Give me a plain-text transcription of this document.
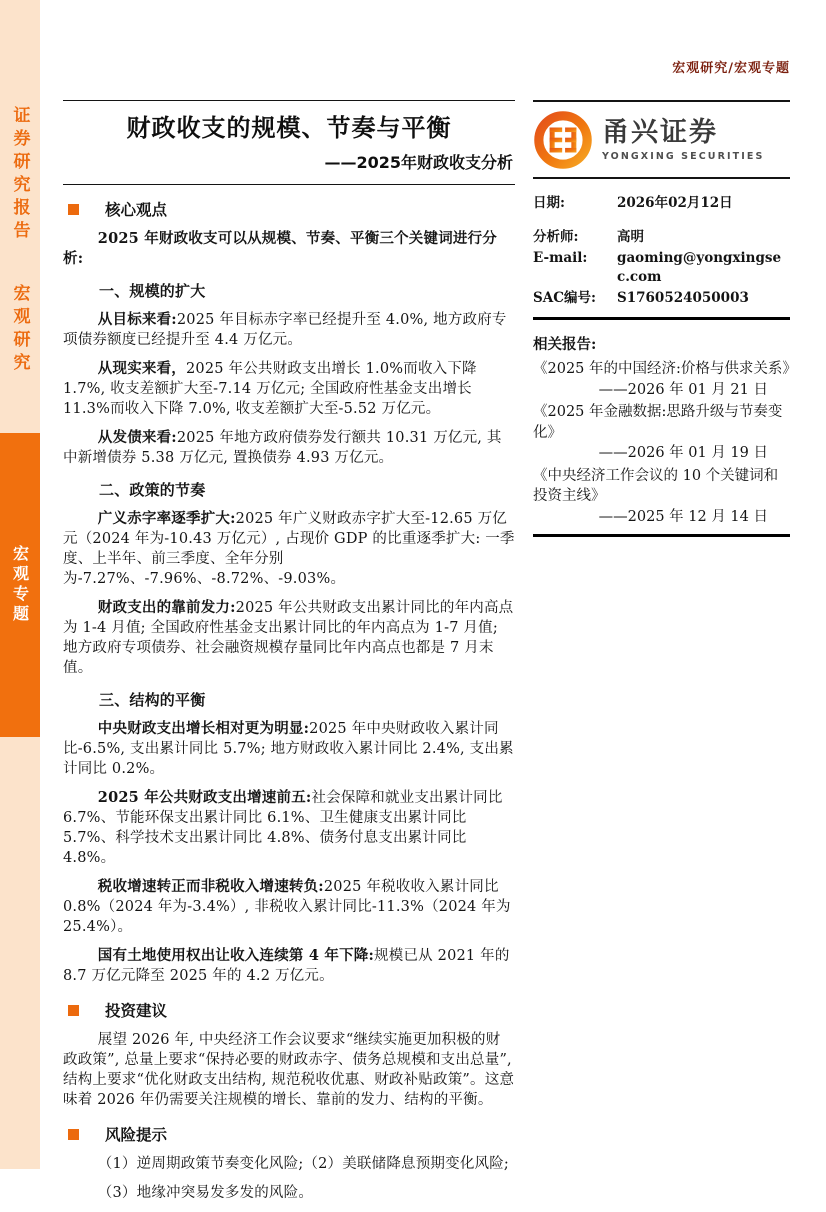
证券研究报告
宏观研究
宏观专题
宏观研究/宏观专题
财政收支的规模、节奏与平衡
——2025年财政收支分析
核心观点

2025 年财政收支可以从规模、节奏、平衡三个关键词进行分析:

一、规模的扩大

从目标来看:2025 年目标赤字率已经提升至 4.0%, 地方政府专项债券额度已经提升至 4.4 万亿元。

从现实来看，2025 年公共财政支出增长 1.0%而收入下降 1.7%, 收支差额扩大至-7.14 万亿元; 全国政府性基金支出增长 11.3%而收入下降 7.0%, 收支差额扩大至-5.52 万亿元。

从发债来看:2025 年地方政府债券发行额共 10.31 万亿元, 其中新增债券 5.38 万亿元, 置换债券 4.93 万亿元。

二、政策的节奏

广义赤字率逐季扩大:2025 年广义财政赤字扩大至-12.65 万亿元（2024 年为-10.43 万亿元）, 占现价 GDP 的比重逐季扩大: 一季度、上半年、前三季度、全年分别为-7.27%、-7.96%、-8.72%、-9.03%。

财政支出的靠前发力:2025 年公共财政支出累计同比的年内高点为 1-4 月值; 全国政府性基金支出累计同比的年内高点为 1-7 月值; 地方政府专项债券、社会融资规模存量同比年内高点也都是 7 月末值。

三、结构的平衡

中央财政支出增长相对更为明显:2025 年中央财政收入累计同比-6.5%, 支出累计同比 5.7%; 地方财政收入累计同比 2.4%, 支出累计同比 0.2%。

2025 年公共财政支出增速前五:社会保障和就业支出累计同比 6.7%、节能环保支出累计同比 6.1%、卫生健康支出累计同比 5.7%、科学技术支出累计同比 4.8%、债务付息支出累计同比 4.8%。

税收增速转正而非税收入增速转负:2025 年税收收入累计同比 0.8%（2024 年为-3.4%）, 非税收入累计同比-11.3%（2024 年为 25.4%）。

国有土地使用权出让收入连续第 4 年下降:规模已从 2021 年的 8.7 万亿元降至 2025 年的 4.2 万亿元。

投资建议

展望 2026 年, 中央经济工作会议要求“继续实施更加积极的财政政策”, 总量上要求“保持必要的财政赤字、债务总规模和支出总量”, 结构上要求“优化财政支出结构, 规范税收优惠、财政补贴政策”。这意味着 2026 年仍需要关注规模的增长、靠前的发力、结构的平衡。

风险提示

（1）逆周期政策节奏变化风险;（2）美联储降息预期变化风险;

（3）地缘冲突易发多发的风险。

甬兴证券
YONGXING SECURITIES
日期:	2026年02月12日
分析师:	高明
E-mail:	gaoming@yongxingsec.com
SAC编号:	S1760524050003
相关报告:
《2025 年的中国经济:价格与供求关系》
——2026 年 01 月 21 日
《2025 年金融数据:思路升级与节奏变化》
——2026 年 01 月 19 日
《中央经济工作会议的 10 个关键词和投资主线》
——2025 年 12 月 14 日
